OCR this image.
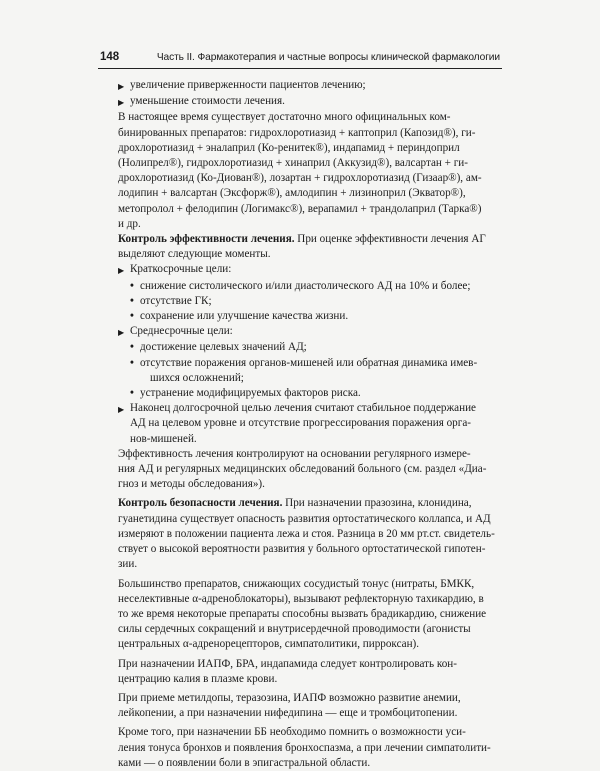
148	Часть II. Фармакотерапия и частные вопросы клинической фармакологии
▶ увеличение приверженности пациентов лечению;
▶ уменьшение стоимости лечения.

В настоящее время существует достаточно много официнальных ком-

бинированных препаратов: гидрохлоротиазид + каптоприл (Капозид®), ги-

дрохлоротиазид + эналаприл (Ко-ренитек®), индапамид + периндоприл

(Нолипрел®), гидрохлоротиазид + хинаприл (Аккузид®), валсартан + ги-

дрохлоротиазид (Ко-Диован®), лозартан + гидрохлоротиазид (Гизаар®), ам-

лодипин + валсартан (Эксфорж®), амлодипин + лизиноприл (Экватор®),

метопролол + фелодипин (Логимакс®), верапамил + трандолаприл (Тарка®)

и др.

Контроль эффективности лечения. При оценке эффективности лечения АГ

выделяют следующие моменты.

▶ Краткосрочные цели:
• снижение систолического и/или диастолического АД на 10% и более;
• отсутствие ГК;
• сохранение или улучшение качества жизни.
▶ Среднесрочные цели:
• достижение целевых значений АД;
• отсутствие поражения органов-мишеней или обратная динамика имев-
шихся осложнений;
• устранение модифицируемых факторов риска.
▶ Наконец долгосрочной целью лечения считают стабильное поддержание
АД на целевом уровне и отсутствие прогрессирования поражения орга-
нов-мишеней.

Эффективность лечения контролируют на основании регулярного измере-

ния АД и регулярных медицинских обследований больного (см. раздел «Диа-

гноз и методы обследования»).

Контроль безопасности лечения. При назначении празозина, клонидина,

гуанетидина существует опасность развития ортостатического коллапса, и АД

измеряют в положении пациента лежа и стоя. Разница в 20 мм рт.ст. свидетель-

ствует о высокой вероятности развития у больного ортостатической гипотен-

зии.

Большинство препаратов, снижающих сосудистый тонус (нитраты, БМКК,

неселективные α-адреноблокаторы), вызывают рефлекторную тахикардию, в

то же время некоторые препараты способны вызвать брадикардию, снижение

силы сердечных сокращений и внутрисердечной проводимости (агонисты

центральных α-адренорецепторов, симпатолитики, пирроксан).

При назначении ИАПФ, БРА, индапамида следует контролировать кон-

центрацию калия в плазме крови.

При приеме метилдопы, теразозина, ИАПФ возможно развитие анемии,

лейкопении, а при назначении нифедипина — еще и тромбоцитопении.

Кроме того, при назначении ББ необходимо помнить о возможности уси-

ления тонуса бронхов и появления бронхоспазма, а при лечении симпатолити-

ками — о появлении боли в эпигастральной области.
